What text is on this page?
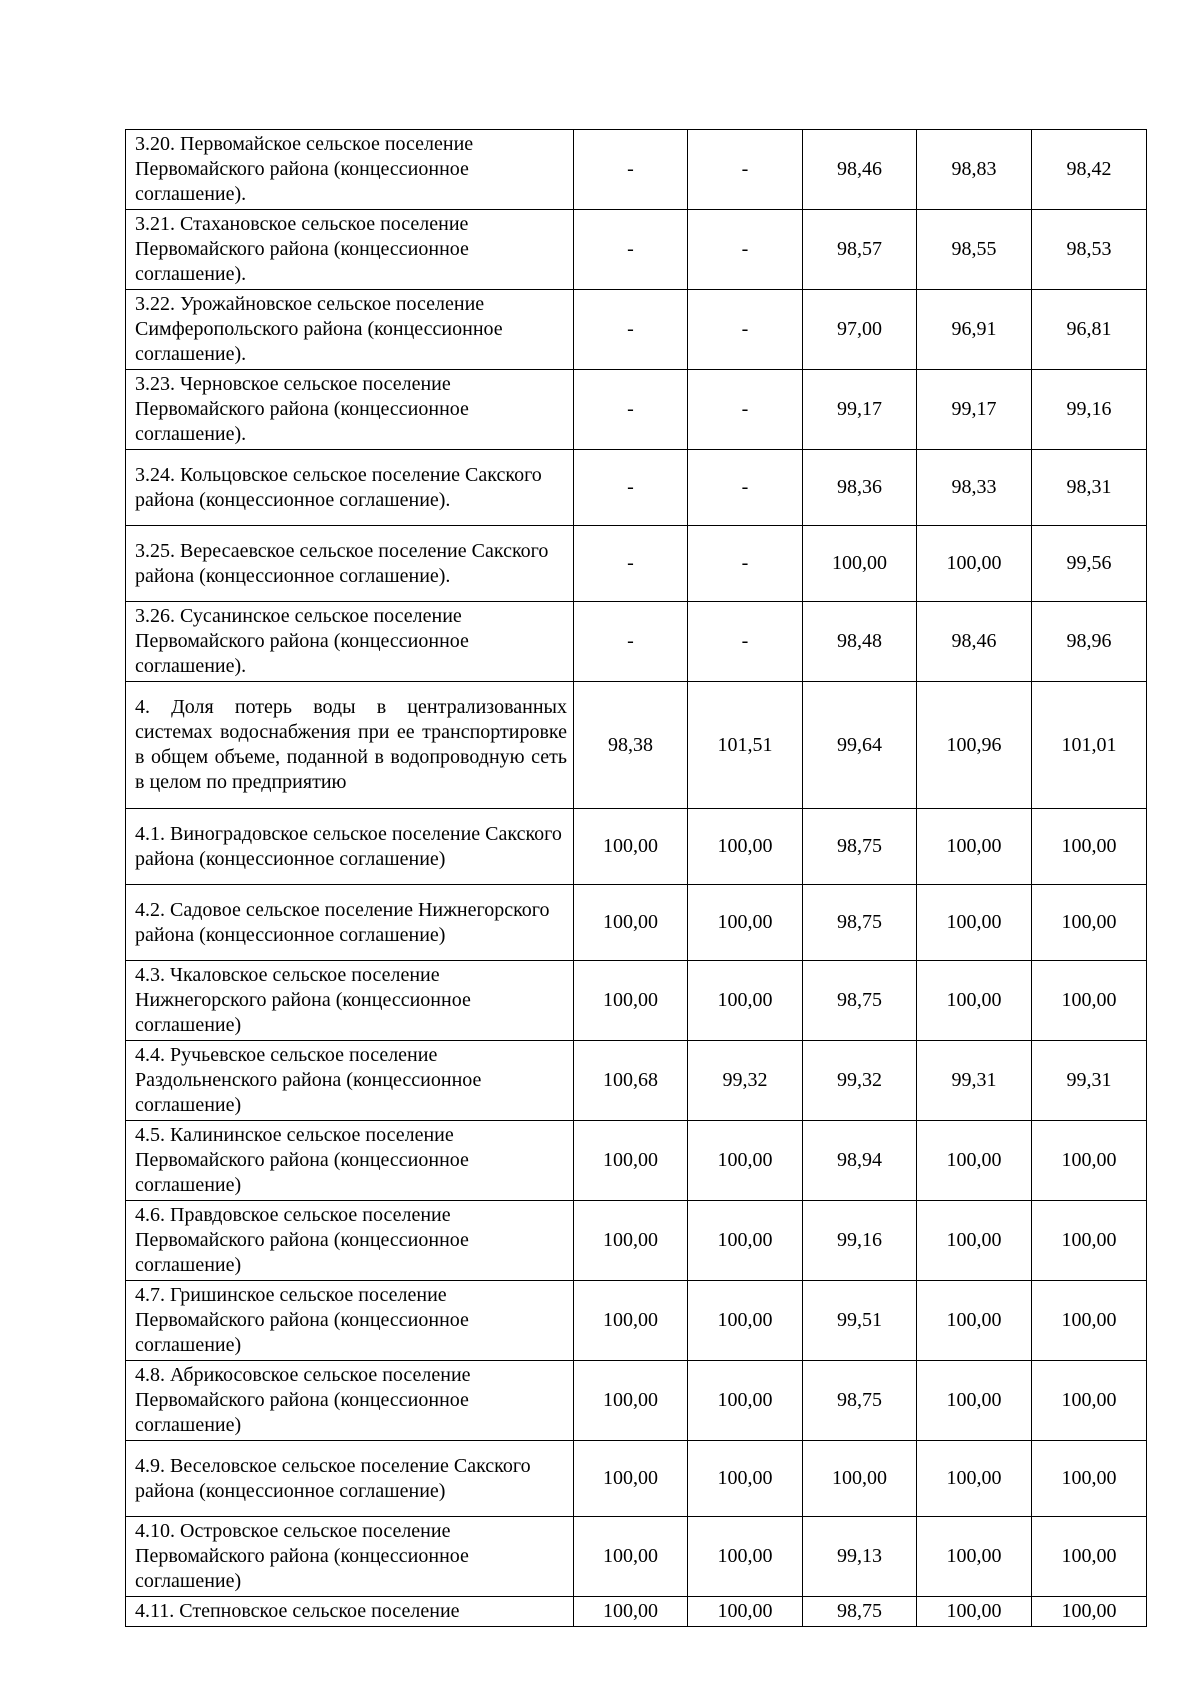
3.20. Первомайское сельское поселение Первомайского района (концессионное соглашение).	-	-	98,46	98,83	98,42
3.21. Стахановское сельское поселение Первомайского района (концессионное соглашение).	-	-	98,57	98,55	98,53
3.22. Урожайновское сельское поселение Симферопольского района (концессионное соглашение).	-	-	97,00	96,91	96,81
3.23. Черновское сельское поселение Первомайского района (концессионное соглашение).	-	-	99,17	99,17	99,16
3.24. Кольцовское сельское поселение Сакского района (концессионное соглашение).	-	-	98,36	98,33	98,31
3.25. Вересаевское сельское поселение Сакского района (концессионное соглашение).	-	-	100,00	100,00	99,56
3.26. Сусанинское сельское поселение Первомайского района (концессионное соглашение).	-	-	98,48	98,46	98,96
4. Доля потерь воды в централизованных системах водоснабжения при ее транспортировке в общем объеме, поданной в водопроводную сеть в целом по предприятию	98,38	101,51	99,64	100,96	101,01
4.1. Виноградовское сельское поселение Сакского района (концессионное соглашение)	100,00	100,00	98,75	100,00	100,00
4.2. Садовое сельское поселение Нижнегорского района (концессионное соглашение)	100,00	100,00	98,75	100,00	100,00
4.3. Чкаловское сельское поселение Нижнегорского района (концессионное соглашение)	100,00	100,00	98,75	100,00	100,00
4.4. Ручьевское сельское поселение Раздольненского района (концессионное соглашение)	100,68	99,32	99,32	99,31	99,31
4.5. Калининское сельское поселение Первомайского района (концессионное соглашение)	100,00	100,00	98,94	100,00	100,00
4.6. Правдовское сельское поселение Первомайского района (концессионное соглашение)	100,00	100,00	99,16	100,00	100,00
4.7. Гришинское сельское поселение Первомайского района (концессионное соглашение)	100,00	100,00	99,51	100,00	100,00
4.8. Абрикосовское сельское поселение Первомайского района (концессионное соглашение)	100,00	100,00	98,75	100,00	100,00
4.9. Веселовское сельское поселение Сакского района (концессионное соглашение)	100,00	100,00	100,00	100,00	100,00
4.10. Островское сельское поселение Первомайского района (концессионное соглашение)	100,00	100,00	99,13	100,00	100,00
4.11. Степновское сельское поселение	100,00	100,00	98,75	100,00	100,00
